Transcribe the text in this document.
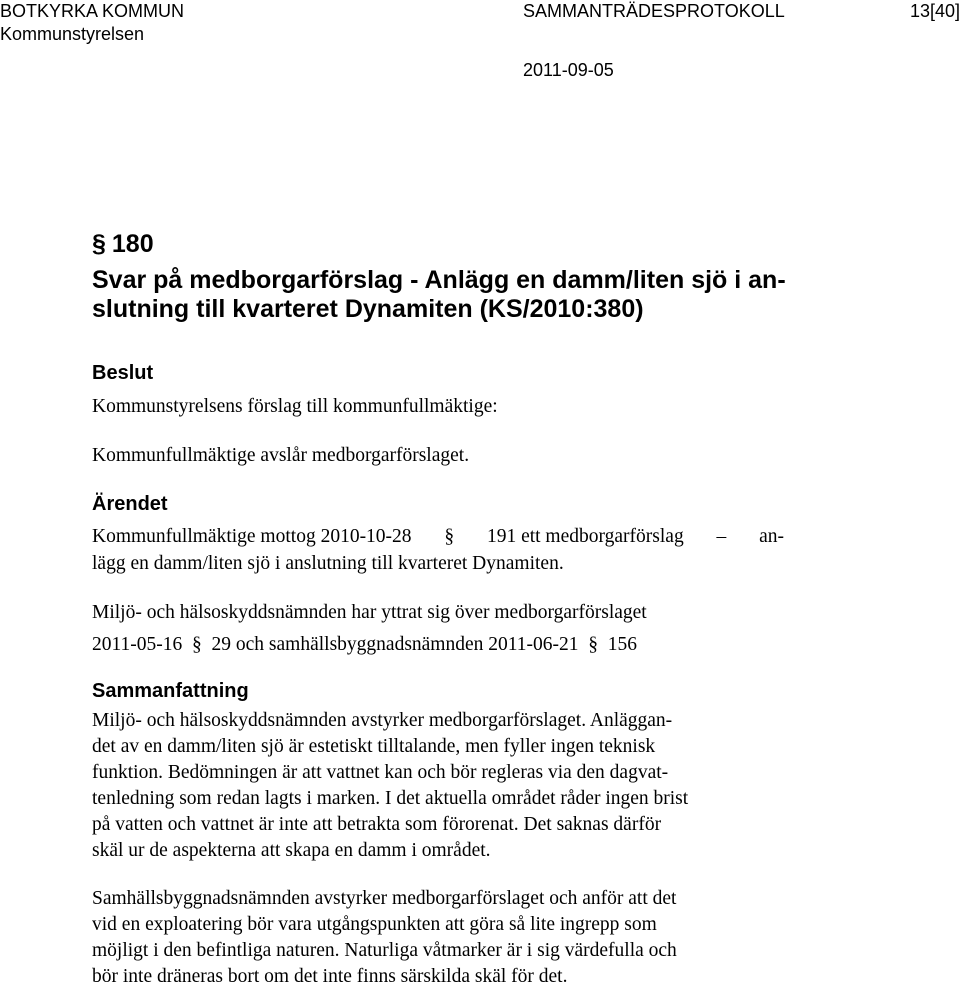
BOTKYRKA KOMMUN
Kommunstyrelsen
SAMMANTRÄDESPROTOKOLL	13[40]
2011-09-05
§ 180
Svar på medborgarförslag - Anlägg en damm/liten sjö i an-
slutning till kvarteret Dynamiten (KS/2010:380)
Beslut
Kommunstyrelsens förslag till kommunfullmäktige:
Kommunfullmäktige avslår medborgarförslaget.
Ärendet
Kommunfullmäktige mottog 2010-10-28 § 191 ett medborgarförslag – an-
lägg en damm/liten sjö i anslutning till kvarteret Dynamiten.
Miljö- och hälsoskyddsnämnden har yttrat sig över medborgarförslaget
2011-05-16 § 29 och samhällsbyggnadsnämnden 2011-06-21 § 156
Sammanfattning
Miljö- och hälsoskyddsnämnden avstyrker medborgarförslaget. Anläggan-
det av en damm/liten sjö är estetiskt tilltalande, men fyller ingen teknisk
funktion. Bedömningen är att vattnet kan och bör regleras via den dagvat-
tenledning som redan lagts i marken. I det aktuella området råder ingen brist
på vatten och vattnet är inte att betrakta som förorenat. Det saknas därför
skäl ur de aspekterna att skapa en damm i området.
Samhällsbyggnadsnämnden avstyrker medborgarförslaget och anför att det
vid en exploatering bör vara utgångspunkten att göra så lite ingrepp som
möjligt i den befintliga naturen. Naturliga våtmarker är i sig värdefulla och
bör inte dräneras bort om det inte finns särskilda skäl för det.
